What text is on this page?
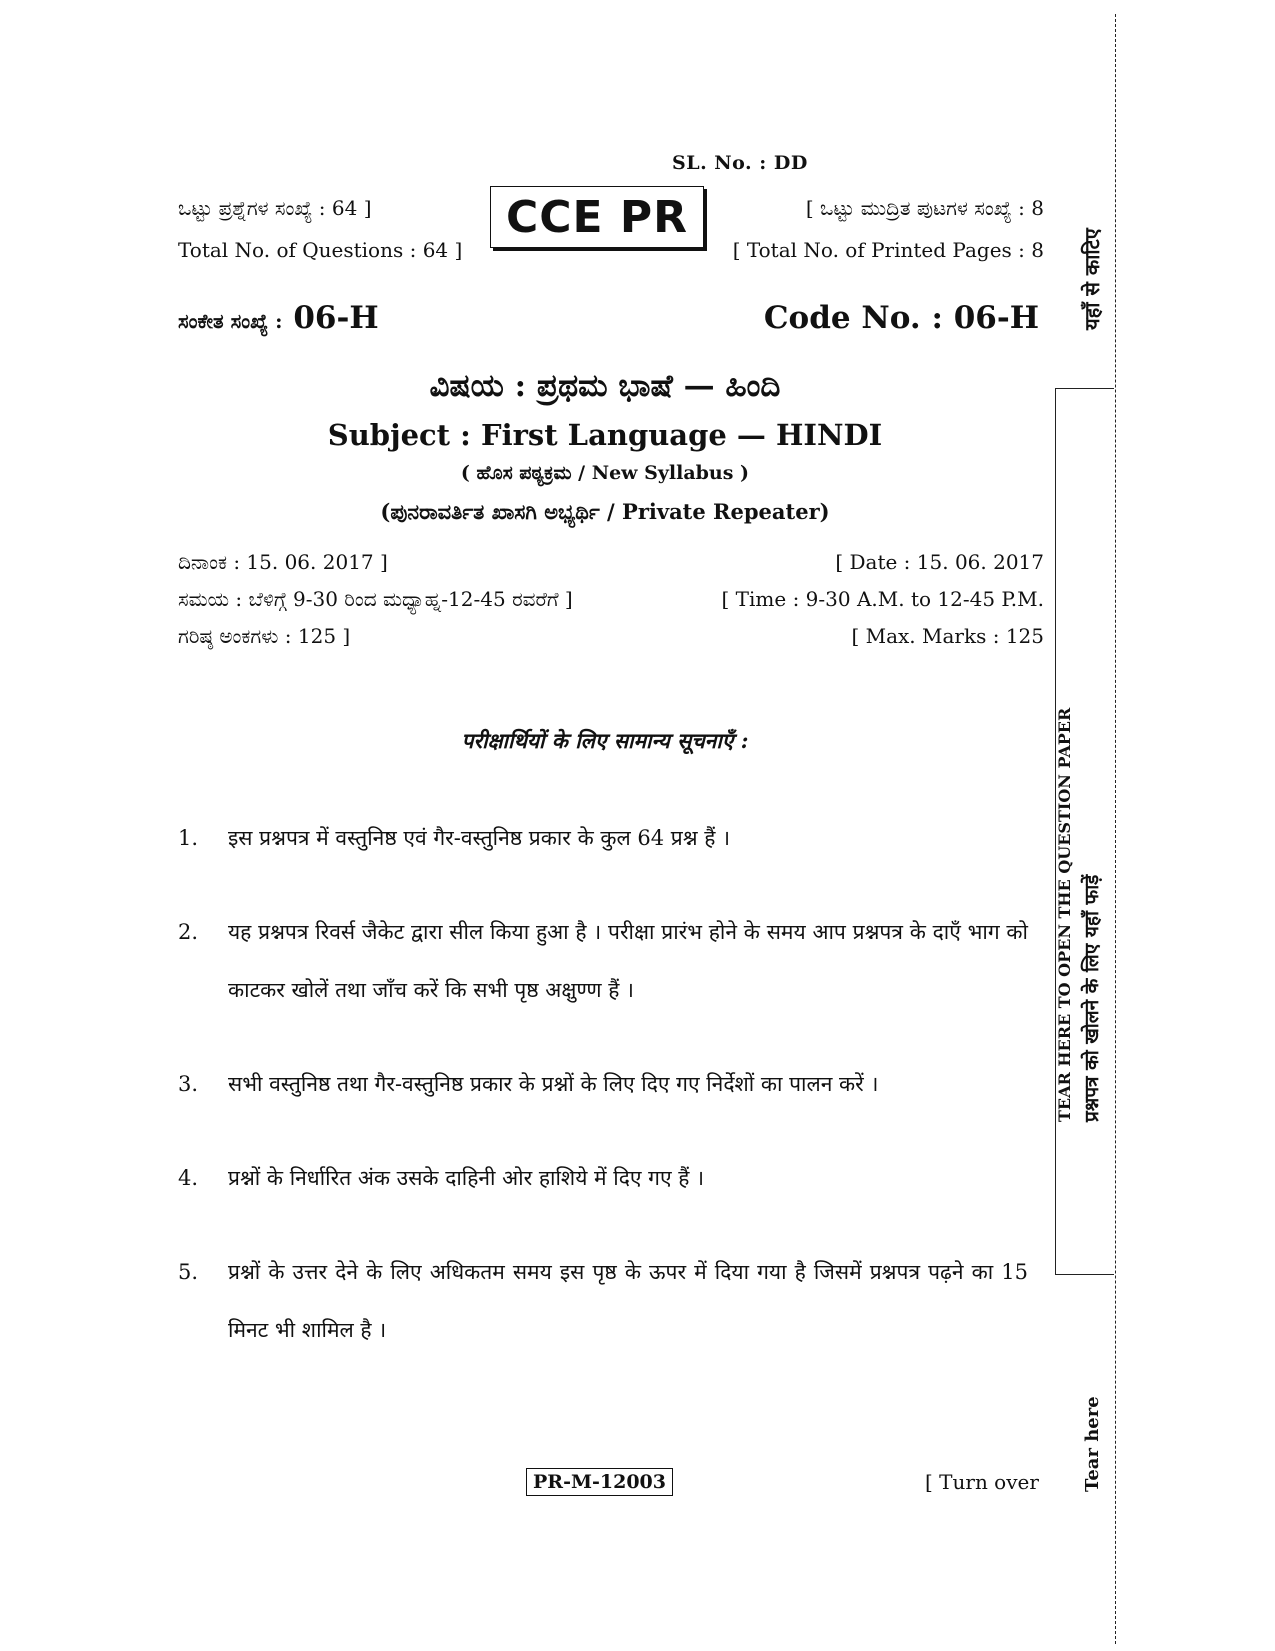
SL. No. : DD
ಒಟ್ಟು ಪ್ರಶ್ನೆಗಳ ಸಂಖ್ಯೆ : 64 ]
Total No. of Questions : 64 ]
CCE PR	[ ಒಟ್ಟು ಮುದ್ರಿತ ಪುಟಗಳ ಸಂಖ್ಯೆ : 8
[ Total No. of Printed Pages : 8
ಸಂಕೇತ ಸಂಖ್ಯೆ : 06-H	Code No. : 06-H
ವಿಷಯ : ಪ್ರಥಮ ಭಾಷೆ — ಹಿಂದಿ
Subject : First Language — HINDI
( ಹೊಸ ಪಠ್ಯಕ್ರಮ / New Syllabus )
(ಪುನರಾವರ್ತಿತ ಖಾಸಗಿ ಅಭ್ಯರ್ಥಿ / Private Repeater)
ದಿನಾಂಕ : 15. 06. 2017 ]	[ Date : 15. 06. 2017
ಸಮಯ : ಬೆಳಿಗ್ಗೆ 9-30 ರಿಂದ ಮಧ್ಯಾಹ್ನ-12-45 ರವರೆಗೆ ]	[ Time : 9-30 A.M. to 12-45 P.M.
ಗರಿಷ್ಠ ಅಂಕಗಳು : 125 ]	[ Max. Marks : 125
परीक्षार्थियों के लिए सामान्य सूचनाएँ :
1.	इस प्रश्नपत्र में वस्तुनिष्ठ एवं गैर-वस्तुनिष्ठ प्रकार के कुल 64 प्रश्न हैं ।
2.	यह प्रश्नपत्र रिवर्स जैकेट द्वारा सील किया हुआ है । परीक्षा प्रारंभ होने के समय आप प्रश्नपत्र के दाएँ भाग को काटकर खोलें तथा जाँच करें कि सभी पृष्ठ अक्षुण्ण हैं ।
3.	सभी वस्तुनिष्ठ तथा गैर-वस्तुनिष्ठ प्रकार के प्रश्नों के लिए दिए गए निर्देशों का पालन करें ।
4.	प्रश्नों के निर्धारित अंक उसके दाहिनी ओर हाशिये में दिए गए हैं ।
5.	प्रश्नों के उत्तर देने के लिए अधिकतम समय इस पृष्ठ के ऊपर में दिया गया है जिसमें प्रश्नपत्र पढ़ने का 15 मिनट भी शामिल है ।
PR-M-12003	[ Turn over
यहाँ से काटिए
TEAR HERE TO OPEN THE QUESTION PAPER प्रश्नपत्र को खोलने के लिए यहाँ फाड़ें
Tear here
